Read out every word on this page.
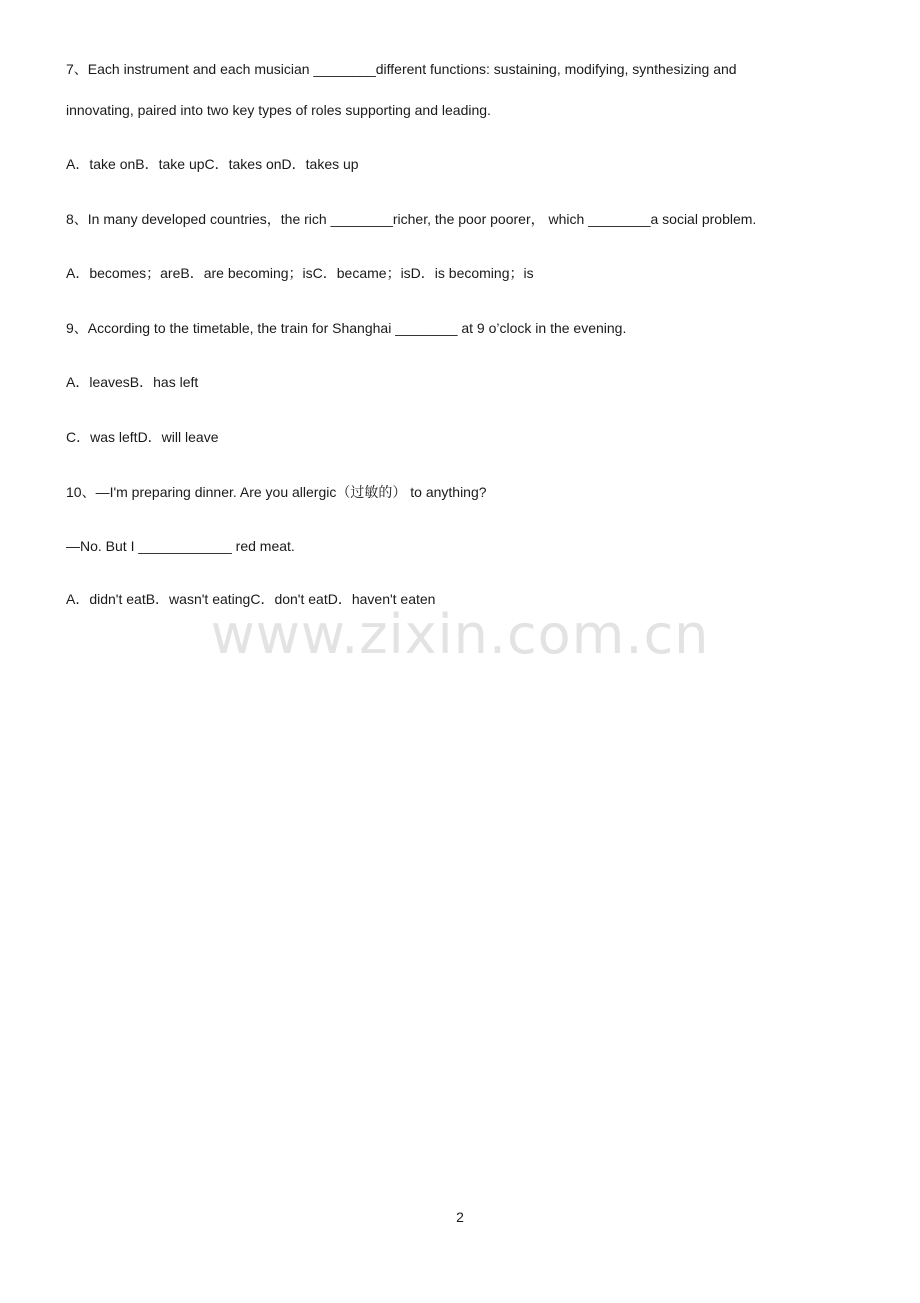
7、Each instrument and each musician ________different functions: sustaining, modifying, synthesizing and
innovating, paired into two key types of roles supporting and leading.
A．take onB．take upC．takes onD．takes up
8、In many developed countries，the rich ________richer, the poor poorer， which ________a social problem.
A．becomes；areB．are becoming；isC．became；isD．is becoming；is
9、According to the timetable, the train for Shanghai ________ at 9 o’clock in the evening.
A．leavesB．has left
C．was leftD．will leave
10、—I'm preparing dinner. Are you allergic（过敏的） to anything?
—No. But I ____________ red meat.
A．didn't eatB．wasn't eatingC．don't eatD．haven't eaten
www.zixin.com.cn
2
